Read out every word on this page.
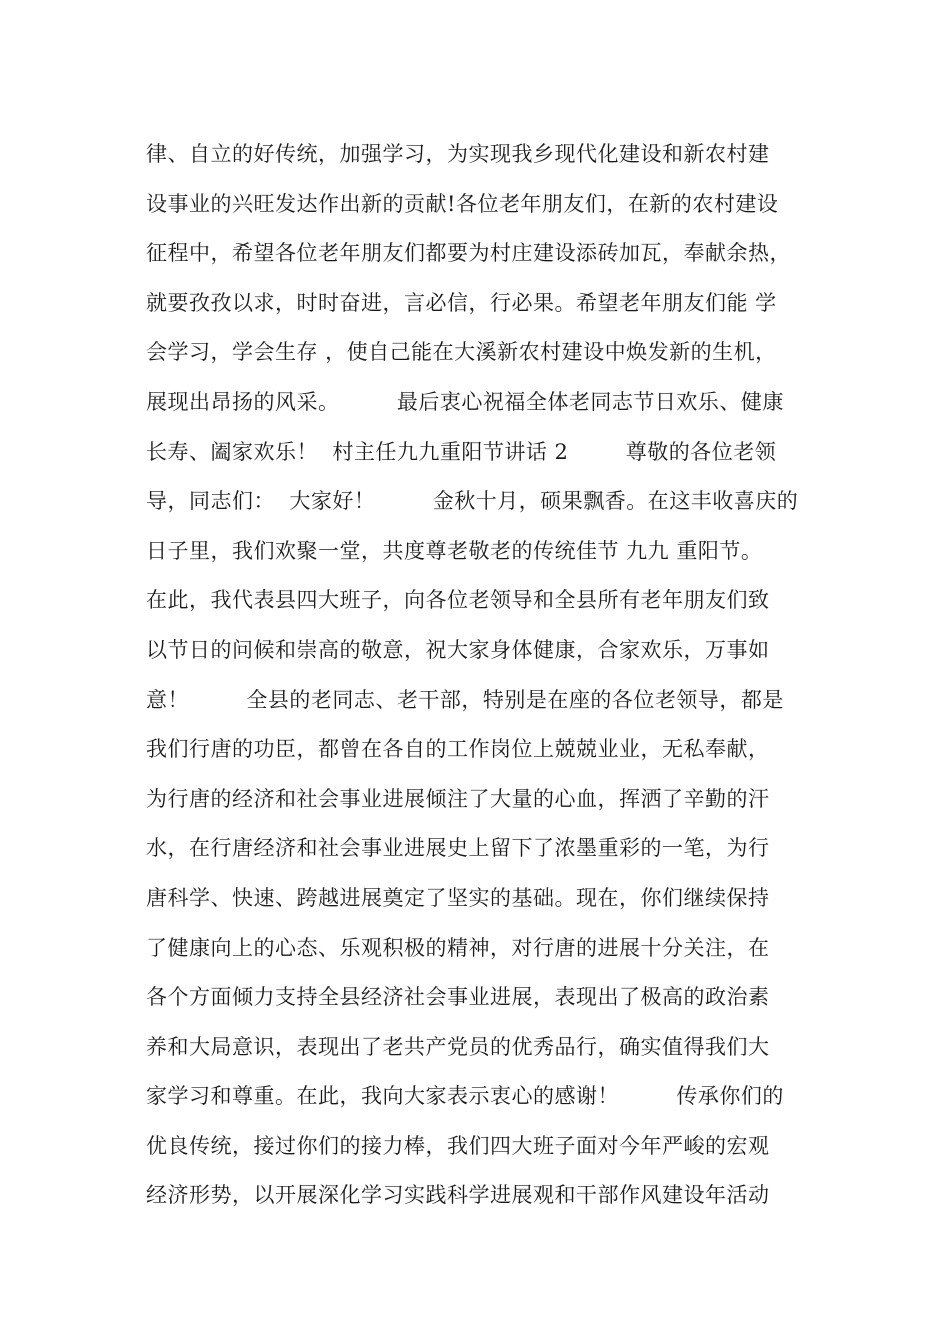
律、自立的好传统，加强学习，为实现我乡现代化建设和新农村建
设事业的兴旺发达作出新的贡献!各位老年朋友们，在新的农村建设
征程中，希望各位老年朋友们都要为村庄建设添砖加瓦，奉献余热，
就要孜孜以求，时时奋进，言必信，行必果。希望老年朋友们能 学
会学习，学会生存 ，使自己能在大溪新农村建设中焕发新的生机，
展现出昂扬的风采。        最后衷心祝福全体老同志节日欢乐、健康
长寿、阖家欢乐！  村主任九九重阳节讲话 2        尊敬的各位老领
导，同志们：  大家好！        金秋十月，硕果飘香。在这丰收喜庆的
日子里，我们欢聚一堂，共度尊老敬老的传统佳节 九九 重阳节。
在此，我代表县四大班子，向各位老领导和全县所有老年朋友们致
以节日的问候和崇高的敬意，祝大家身体健康，合家欢乐，万事如
意！        全县的老同志、老干部，特别是在座的各位老领导，都是
我们行唐的功臣，都曾在各自的工作岗位上兢兢业业，无私奉献，
为行唐的经济和社会事业进展倾注了大量的心血，挥洒了辛勤的汗
水，在行唐经济和社会事业进展史上留下了浓墨重彩的一笔，为行
唐科学、快速、跨越进展奠定了坚实的基础。现在，你们继续保持
了健康向上的心态、乐观积极的精神，对行唐的进展十分关注，在
各个方面倾力支持全县经济社会事业进展，表现出了极高的政治素
养和大局意识，表现出了老共产党员的优秀品行，确实值得我们大
家学习和尊重。在此，我向大家表示衷心的感谢！        传承你们的
优良传统，接过你们的接力棒，我们四大班子面对今年严峻的宏观
经济形势，以开展深化学习实践科学进展观和干部作风建设年活动
